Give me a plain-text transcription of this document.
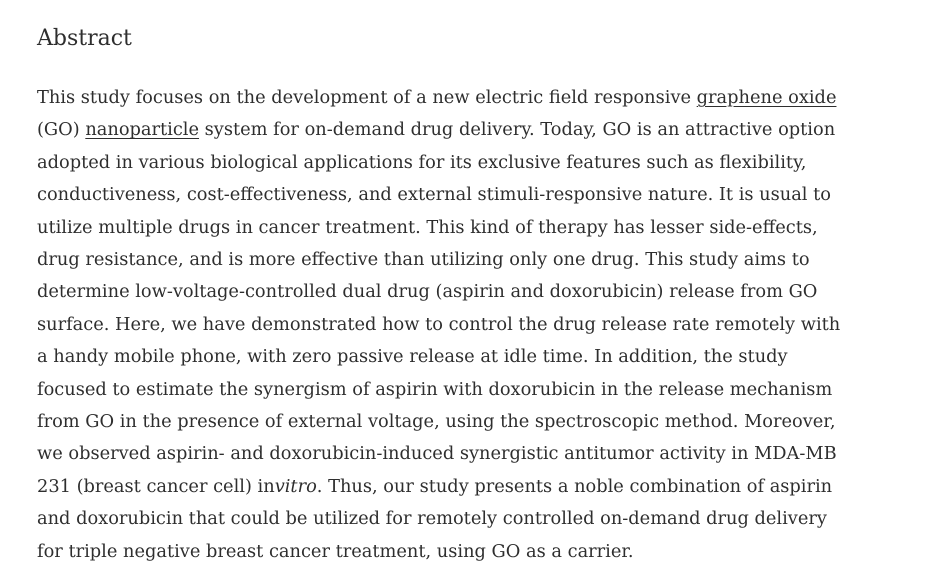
Abstract

This study focuses on the development of a new electric field responsive graphene oxide
(GO) nanoparticle system for on-demand drug delivery. Today, GO is an attractive option
adopted in various biological applications for its exclusive features such as flexibility,
conductiveness, cost-effectiveness, and external stimuli-responsive nature. It is usual to
utilize multiple drugs in cancer treatment. This kind of therapy has lesser side-effects,
drug resistance, and is more effective than utilizing only one drug. This study aims to
determine low-voltage-controlled dual drug (aspirin and doxorubicin) release from GO
surface. Here, we have demonstrated how to control the drug release rate remotely with
a handy mobile phone, with zero passive release at idle time. In addition, the study
focused to estimate the synergism of aspirin with doxorubicin in the release mechanism
from GO in the presence of external voltage, using the spectroscopic method. Moreover,
we observed aspirin- and doxorubicin-induced synergistic antitumor activity in MDA-MB
231 (breast cancer cell) invitro. Thus, our study presents a noble combination of aspirin
and doxorubicin that could be utilized for remotely controlled on-demand drug delivery
for triple negative breast cancer treatment, using GO as a carrier.
